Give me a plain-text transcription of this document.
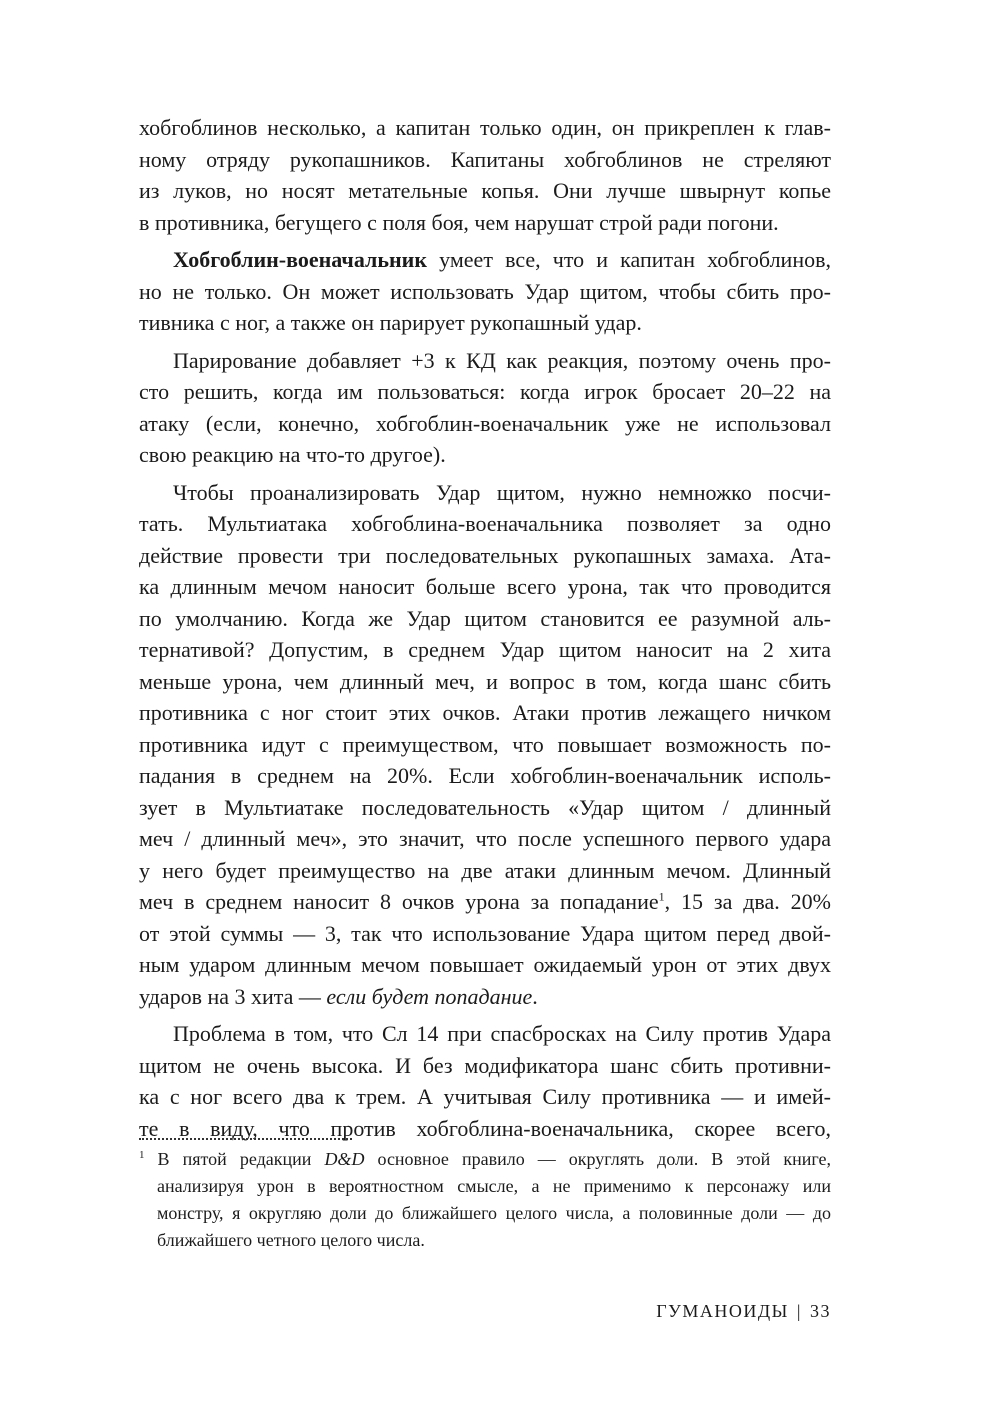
хобгоблинов несколько, а капитан только один, он прикреплен к глав-
ному отряду рукопашников. Капитаны хобгоблинов не стреляют
из луков, но носят метательные копья. Они лучше швырнут копье
в противника, бегущего с поля боя, чем нарушат строй ради погони.
Хобгоблин-военачальник умеет все, что и капитан хобгоблинов,
но не только. Он может использовать Удар щитом, чтобы сбить про-
тивника с ног, а также он парирует рукопашный удар.
Парирование добавляет +3 к КД как реакция, поэтому очень про-
сто решить, когда им пользоваться: когда игрок бросает 20–22 на
атаку (если, конечно, хобгоблин-военачальник уже не использовал
свою реакцию на что-то другое).
Чтобы проанализировать Удар щитом, нужно немножко посчи-
тать. Мультиатака хобгоблина-военачальника позволяет за одно
действие провести три последовательных рукопашных замаха. Ата-
ка длинным мечом наносит больше всего урона, так что проводится
по умолчанию. Когда же Удар щитом становится ее разумной аль-
тернативой? Допустим, в среднем Удар щитом наносит на 2 хита
меньше урона, чем длинный меч, и вопрос в том, когда шанс сбить
противника с ног стоит этих очков. Атаки против лежащего ничком
противника идут с преимуществом, что повышает возможность по-
падания в среднем на 20%. Если хобгоблин-военачальник исполь-
зует в Мультиатаке последовательность «Удар щитом / длинный
меч / длинный меч», это значит, что после успешного первого удара
у него будет преимущество на две атаки длинным мечом. Длинный
меч в среднем наносит 8 очков урона за попадание$^1$, 15 за два. 20%
от этой суммы — 3, так что использование Удара щитом перед двой-
ным ударом длинным мечом повышает ожидаемый урон от этих двух
ударов на 3 хита — если будет попадание.
Проблема в том, что Сл 14 при спасбросках на Силу против Удара
щитом не очень высока. И без модификатора шанс сбить противни-
ка с ног всего два к трем. А учитывая Силу противника — и имей-
те в виду, что против хобгоблина-военачальника, скорее всего,
$^1$ В пятой редакции D&D основное правило — округлять доли. В этой книге,
анализируя урон в вероятностном смысле, а не применимо к персонажу или
монстру, я округляю доли до ближайшего целого числа, а половинные доли — до
ближайшего четного целого числа.
ГУМАНОИДЫ | 33
